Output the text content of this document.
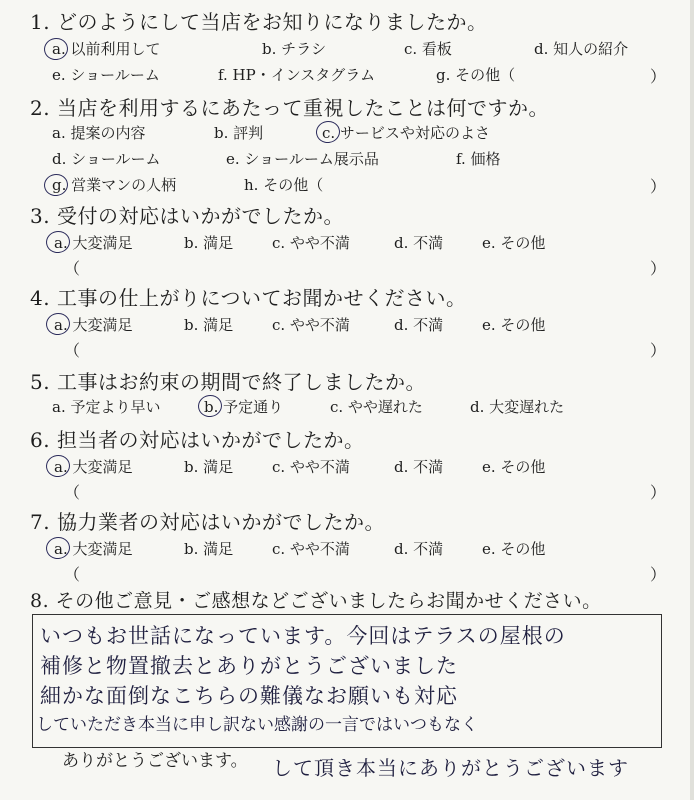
1. どのようにして当店をお知りになりましたか。
a. 以前利用して	b. チラシ	c. 看板	d. 知人の紹介
e. ショールーム	f. HP・インスタグラム	g. その他（	）
2. 当店を利用するにあたって重視したことは何ですか。
a. 提案の内容	b. 評判	c. サービスや対応のよさ
d. ショールーム	e. ショールーム展示品	f. 価格
g. 営業マンの人柄	h. その他（	）
3. 受付の対応はいかがでしたか。
a. 大変満足	b. 満足	c. やや不満	d. 不満	e. その他
（	）
4. 工事の仕上がりについてお聞かせください。
a. 大変満足	b. 満足	c. やや不満	d. 不満	e. その他
（	）
5. 工事はお約束の期間で終了しましたか。
a. 予定より早い	b. 予定通り	c. やや遅れた	d. 大変遅れた
6. 担当者の対応はいかがでしたか。
a. 大変満足	b. 満足	c. やや不満	d. 不満	e. その他
（	）
7. 協力業者の対応はいかがでしたか。
a. 大変満足	b. 満足	c. やや不満	d. 不満	e. その他
（	）
8. その他ご意見・ご感想などございましたらお聞かせください。
いつもお世話になっています。今回はテラスの屋根の
補修と物置撤去とありがとうございました
細かな面倒なこちらの難儀なお願いも対応
していただき本当に申し訳ない感謝の一言ではいつもなく
して頂き本当にありがとうございます
ありがとうございます。
